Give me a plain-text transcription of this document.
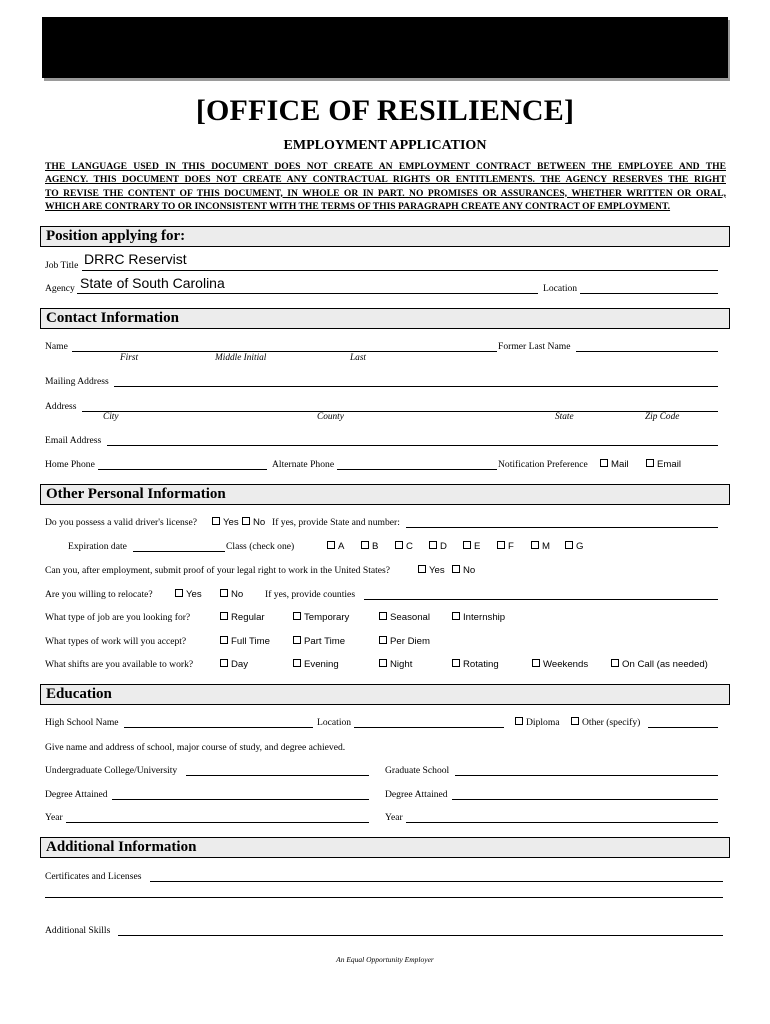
[OFFICE OF RESILIENCE]
EMPLOYMENT APPLICATION
THE LANGUAGE USED IN THIS DOCUMENT DOES NOT CREATE AN EMPLOYMENT CONTRACT BETWEEN THE EMPLOYEE AND THE
AGENCY. THIS DOCUMENT DOES NOT CREATE ANY CONTRACTUAL RIGHTS OR ENTITLEMENTS. THE AGENCY RESERVES THE RIGHT
TO REVISE THE CONTENT OF THIS DOCUMENT, IN WHOLE OR IN PART. NO PROMISES OR ASSURANCES, WHETHER WRITTEN OR ORAL,
WHICH ARE CONTRARY TO OR INCONSISTENT WITH THE TERMS OF THIS PARAGRAPH CREATE ANY CONTRACT OF EMPLOYMENT.
Position applying for:
Job Title DRRC Reservist
Agency State of South Carolina	Location
Contact Information
Name	Former Last Name
First	Middle Initial	Last
Mailing Address
Address
City	County	State	Zip Code
Email Address
Home Phone	Alternate Phone	Notification Preference	Mail	Email
Other Personal Information
Do you possess a valid driver's license?	Yes	No If yes, provide State and number:
Expiration date	Class (check one)	A	B	C	D	E	F	M	G
Can you, after employment, submit proof of your legal right to work in the United States?	Yes	No
Are you willing to relocate?	Yes	No If yes, provide counties
What type of job are you looking for?	Regular	Temporary	Seasonal	Internship
What types of work will you accept?	Full Time	Part Time	Per Diem
What shifts are you available to work?	Day	Evening	Night	Rotating	Weekends	On Call (as needed)
Education
High School Name	Location	Diploma	Other (specify)
Give name and address of school, major course of study, and degree achieved.
Undergraduate College/University	Graduate School
Degree Attained	Degree Attained
Year	Year
Additional Information
Certificates and Licenses
Additional Skills
An Equal Opportunity Employer
